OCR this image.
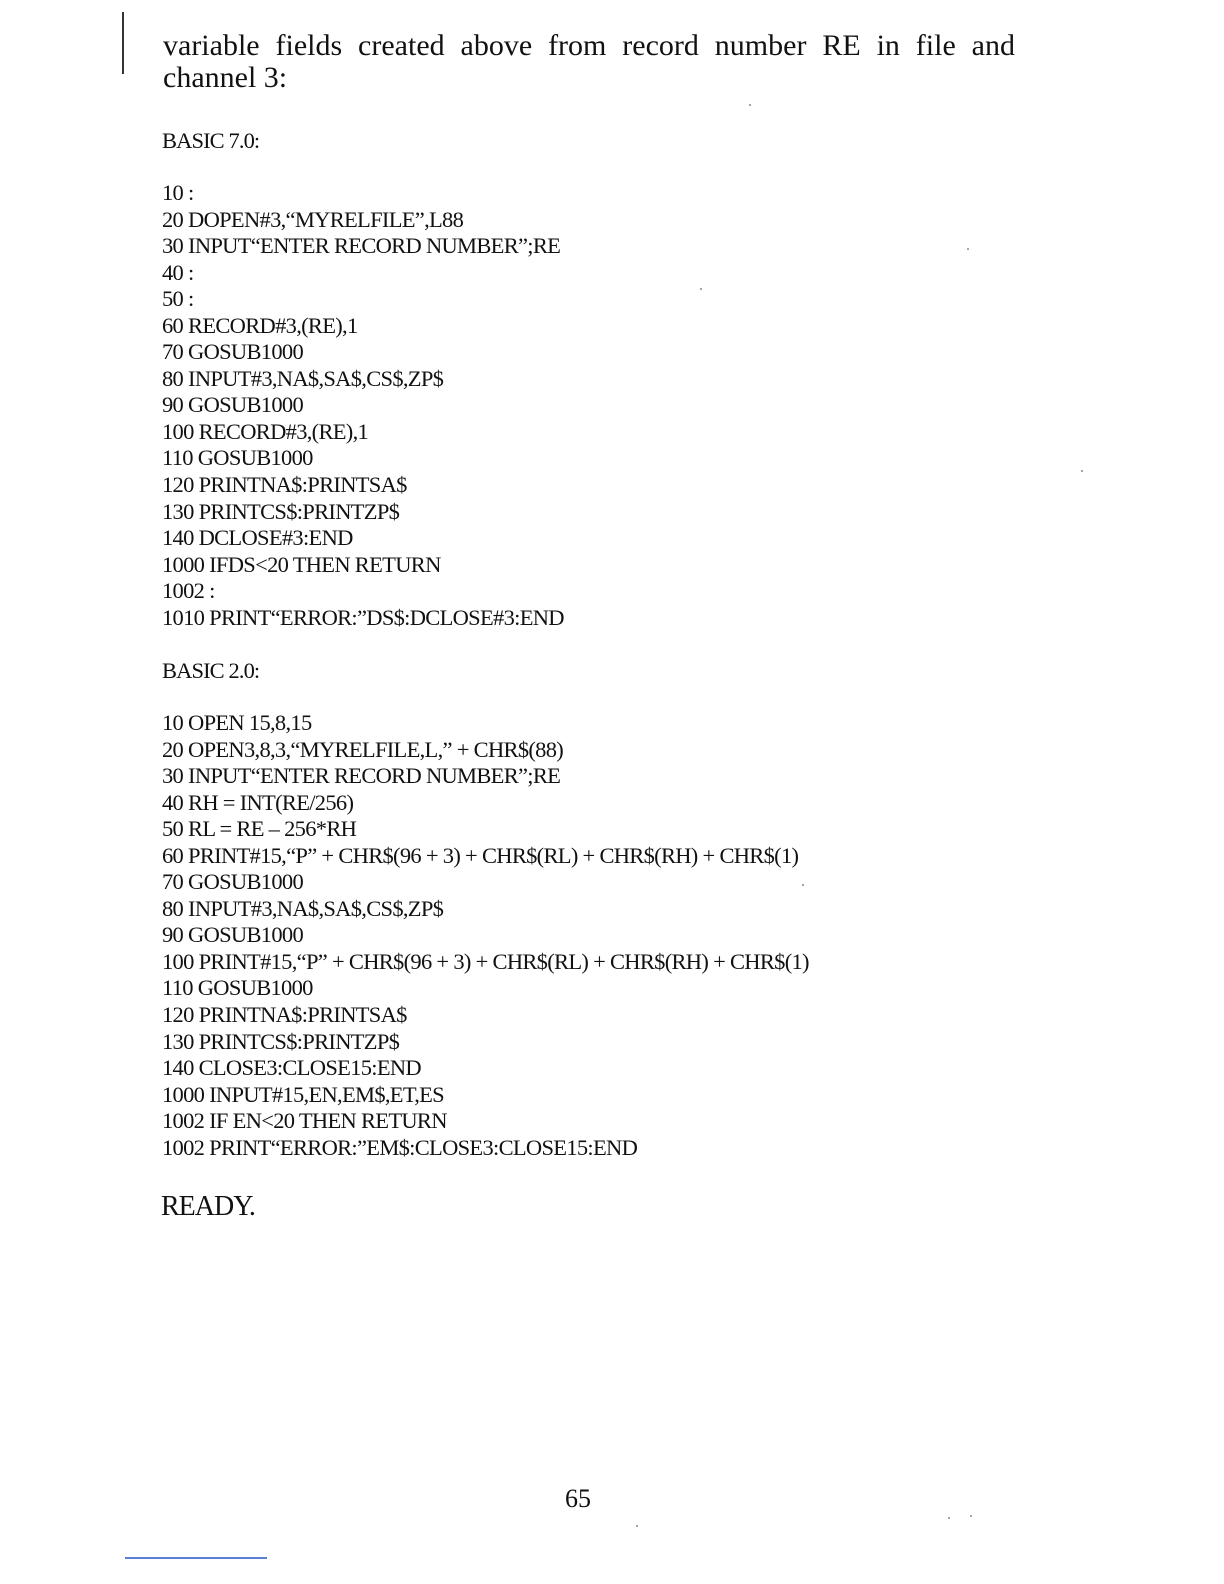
variable fields created above from record number RE in file and
channel 3:
BASIC 7.0:
10 :
20 DOPEN#3,“MYRELFILE”,L88
30 INPUT“ENTER RECORD NUMBER”;RE
40 :
50 :
60 RECORD#3,(RE),1
70 GOSUB1000
80 INPUT#3,NA$,SA$,CS$,ZP$
90 GOSUB1000
100 RECORD#3,(RE),1
110 GOSUB1000
120 PRINTNA$:PRINTSA$
130 PRINTCS$:PRINTZP$
140 DCLOSE#3:END
1000 IFDS<20 THEN RETURN
1002 :
1010 PRINT“ERROR:”DS$:DCLOSE#3:END
BASIC 2.0:
10 OPEN 15,8,15
20 OPEN3,8,3,“MYRELFILE,L,” + CHR$(88)
30 INPUT“ENTER RECORD NUMBER”;RE
40 RH = INT(RE/256)
50 RL = RE – 256*RH
60 PRINT#15,“P” + CHR$(96 + 3) + CHR$(RL) + CHR$(RH) + CHR$(1)
70 GOSUB1000
80 INPUT#3,NA$,SA$,CS$,ZP$
90 GOSUB1000
100 PRINT#15,“P” + CHR$(96 + 3) + CHR$(RL) + CHR$(RH) + CHR$(1)
110 GOSUB1000
120 PRINTNA$:PRINTSA$
130 PRINTCS$:PRINTZP$
140 CLOSE3:CLOSE15:END
1000 INPUT#15,EN,EM$,ET,ES
1002 IF EN<20 THEN RETURN
1002 PRINT“ERROR:”EM$:CLOSE3:CLOSE15:END
READY.
65
